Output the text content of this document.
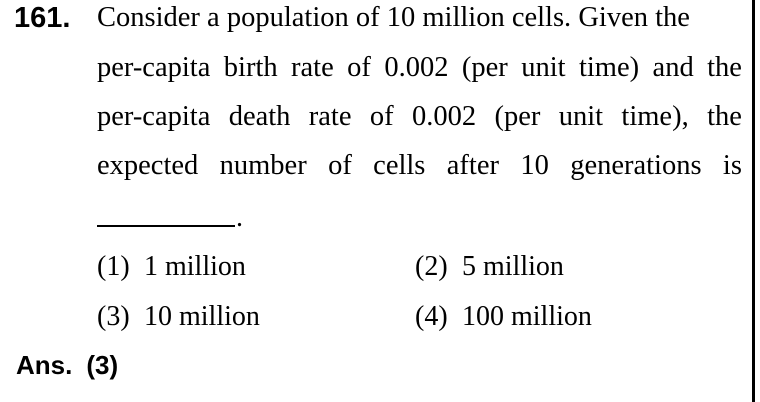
161. Consider a population of 10 million cells. Given the
per-capita birth rate of 0.002 (per unit time) and the
per-capita death rate of 0.002 (per unit time), the
expected number of cells after 10 generations is
.
(1) 1 million	(2) 5 million
(3) 10 million	(4) 100 million
Ans. (3)
